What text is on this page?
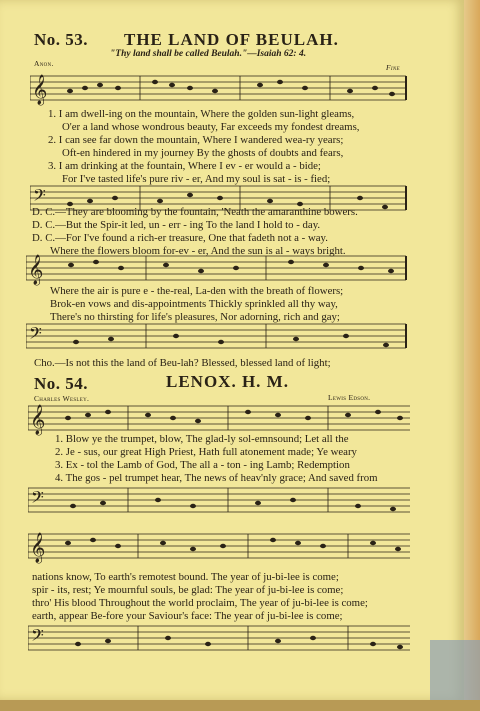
No. 53. THE LAND OF BEULAH.
"Thy land shall be called Beulah."—Isaiah 62: 4.
Anon.	Fine
𝄞
1. I am dwell-ing on the mountain, Where the golden sun-light gleams,
O'er a land whose wondrous beauty, Far exceeds my fondest dreams,
2. I can see far down the mountain, Where I wandered wea-ry years;
Oft-en hindered in my journey By the ghosts of doubts and fears,
3. I am drinking at the fountain, Where I ev - er would a - bide;
For I've tasted life's pure riv - er, And my soul is sat - is - fied;
𝄢
D. C.—They are blooming by the fountain, 'Neath the amaranthine bowers.
D. C.—But the Spir-it led, un - err - ing To the land I hold to - day.
D. C.—For I've found a rich-er treasure, One that fadeth not a - way.
Where the flowers bloom for-ev - er, And the sun is al - ways bright.
𝄞
Where the air is pure e - the-real, La-den with the breath of flowers;
Brok-en vows and dis-appointments Thickly sprinkled all thy way,
There's no thirsting for life's pleasures, Nor adorning, rich and gay;
𝄢
Cho.—Is not this the land of Beu-lah? Blessed, blessed land of light;
No. 54.	LENOX. H. M.
Charles Wesley.	Lewis Edson.
𝄞
1. Blow ye the trumpet, blow, The glad-ly sol-emnsound; Let all the
2. Je - sus, our great High Priest, Hath full atonement made; Ye weary
3. Ex - tol the Lamb of God, The all a - ton - ing Lamb; Redemption
4. The gos - pel trumpet hear, The news of heav'nly grace; And saved from
𝄢
𝄞
nations know, To earth's remotest bound. The year of ju-bi-lee is come;
spir - its, rest; Ye mournful souls, be glad: The year of ju-bi-lee is come;
thro' His blood Throughout the world proclaim, The year of ju-bi-lee is come;
earth, appear Be-fore your Saviour's face: The year of ju-bi-lee is come;
𝄢
